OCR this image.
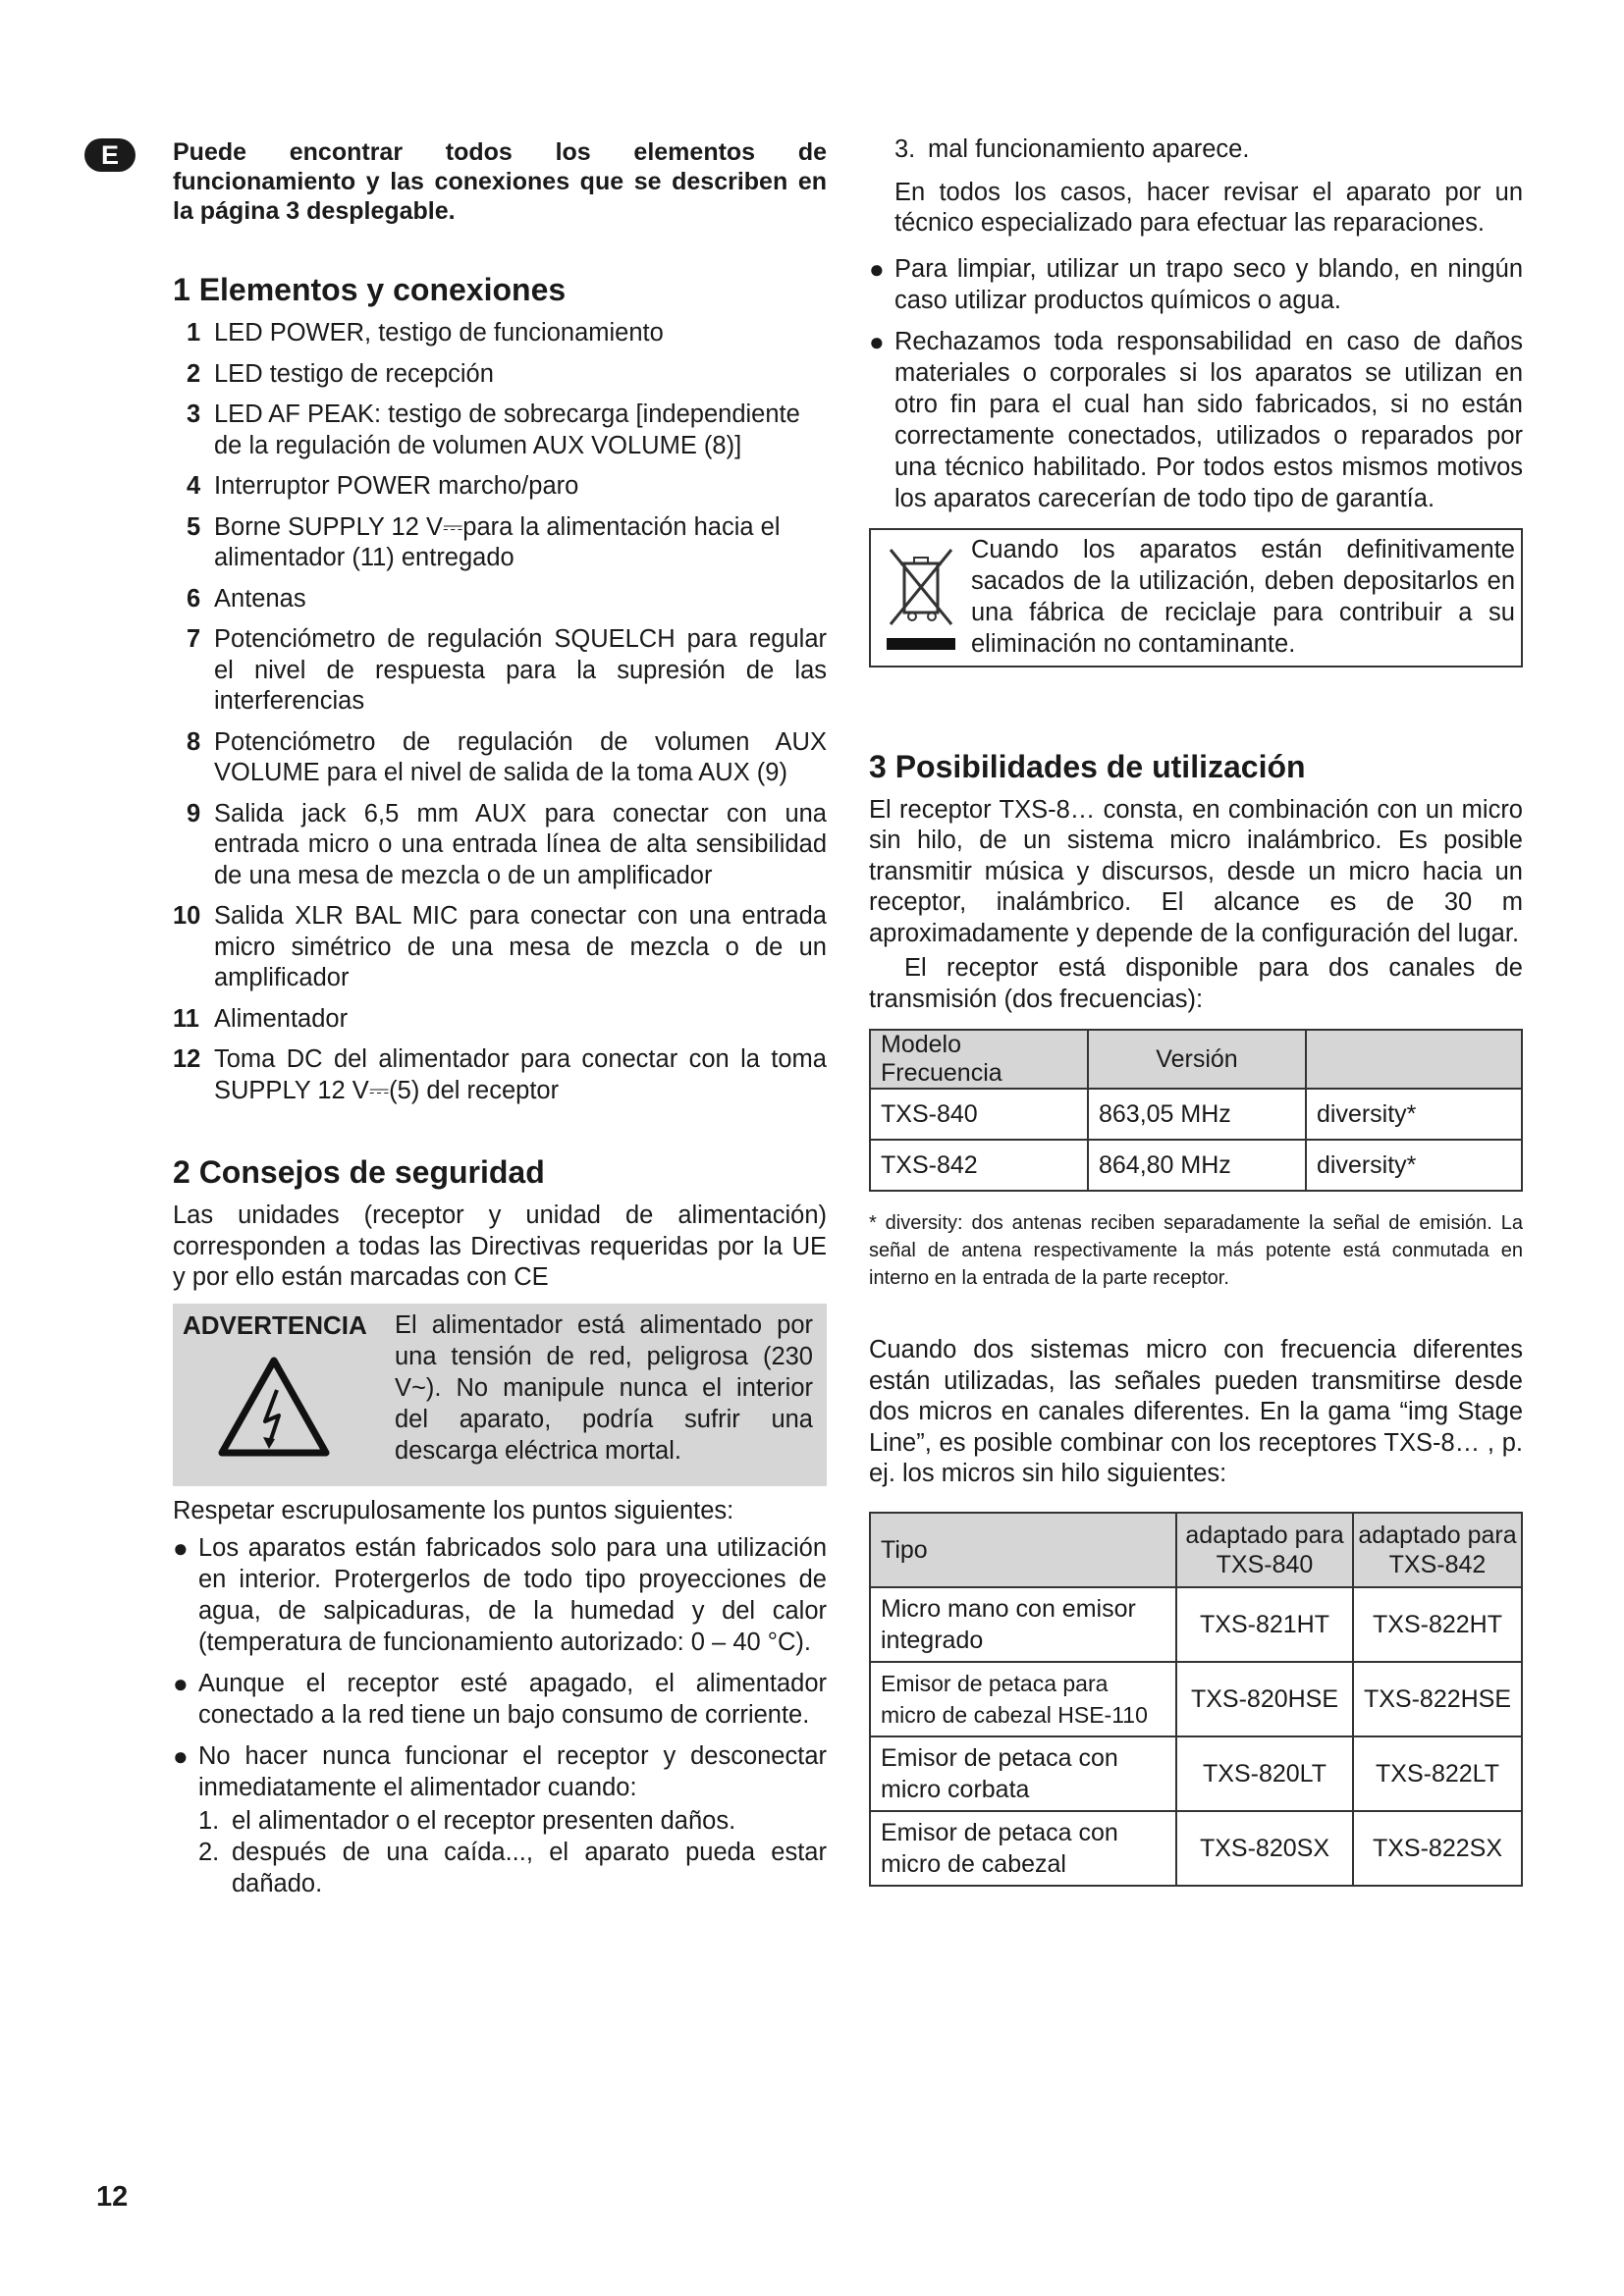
E	Puede encontrar todos los elementos de funcionamiento y las conexiones que se describen en la página 3 desplegable.

1 Elementos y conexiones
1 LED POWER, testigo de funcionamiento
2 LED testigo de recepción
3 LED AF PEAK: testigo de sobrecarga [independiente de la regulación de volumen AUX VOLUME (8)]
4 Interruptor POWER marcho/paro
5 Borne SUPPLY 12 V⎓para la alimentación hacia el alimentador (11) entregado
6 Antenas
7 Potenciómetro de regulación SQUELCH para regular el nivel de respuesta para la supresión de las interferencias
8 Potenciómetro de regulación de volumen AUX VOLUME para el nivel de salida de la toma AUX (9)
9 Salida jack 6,5 mm AUX para conectar con una entrada micro o una entrada línea de alta sensibilidad de una mesa de mezcla o de un amplificador
10 Salida XLR BAL MIC para conectar con una entrada micro simétrico de una mesa de mezcla o de un amplificador
11 Alimentador
12 Toma DC del alimentador para conectar con la toma SUPPLY 12 V⎓(5) del receptor
2 Consejos de seguridad

Las unidades (receptor y unidad de alimentación) corresponden a todas las Directivas requeridas por la UE y por ello están marcadas con CE

ADVERTENCIA El alimentador está alimentado por una tensión de red, peligrosa (230 V~). No manipule nunca el interior del aparato, podría sufrir una descarga eléctrica mortal.

Respetar escrupulosamente los puntos siguientes:

● Los aparatos están fabricados solo para una utilización en interior. Protergerlos de todo tipo proyecciones de agua, de salpicaduras, de la humedad y del calor (temperatura de funcionamiento autorizado: 0 – 40 °C).
● Aunque el receptor esté apagado, el alimentador conectado a la red tiene un bajo consumo de corriente.
● No hacer nunca funcionar el receptor y desconectar inmediatamente el alimentador cuando:
1. el alimentador o el receptor presenten daños.
2. después de una caída..., el aparato pueda estar dañado.
3. mal funcionamiento aparece.

En todos los casos, hacer revisar el aparato por un técnico especializado para efectuar las reparaciones.

● Para limpiar, utilizar un trapo seco y blando, en ningún caso utilizar productos químicos o agua.
● Rechazamos toda responsabilidad en caso de daños materiales o corporales si los aparatos se utilizan en otro fin para el cual han sido fabricados, si no están correctamente conectados, utilizados o reparados por una técnico habilitado. Por todos estos mismos motivos los aparatos carecerían de todo tipo de garantía.
Cuando los aparatos están definitivamente sacados de la utilización, deben depositarlos en una fábrica de reciclaje para contribuir a su eliminación no contaminante.
3 Posibilidades de utilización

El receptor TXS-8… consta, en combinación con un micro sin hilo, de un sistema micro inalámbrico. Es posible transmitir música y discursos, desde un micro hacia un receptor, inalámbrico. El alcance es de 30 m aproximadamente y depende de la configuración del lugar.

El receptor está disponible para dos canales de transmisión (dos frecuencias):

Modelo Frecuencia	Versión	
TXS-840	863,05 MHz	diversity*
TXS-842	864,80 MHz	diversity*

* diversity: dos antenas reciben separadamente la señal de emisión. La señal de antena respectivamente la más potente está conmutada en interno en la entrada de la parte receptor.

Cuando dos sistemas micro con frecuencia diferentes están utilizadas, las señales pueden transmitirse desde dos micros en canales diferentes. En la gama “img Stage Line”, es posible combinar con los receptores TXS-8… , p. ej. los micros sin hilo siguientes:

Tipo	adaptado para TXS-840	adaptado para TXS-842
Micro mano con emisor integrado	TXS-821HT	TXS-822HT
Emisor de petaca para micro de cabezal HSE-110	TXS-820HSE	TXS-822HSE
Emisor de petaca con micro corbata	TXS-820LT	TXS-822LT
Emisor de petaca con micro de cabezal	TXS-820SX	TXS-822SX
12
